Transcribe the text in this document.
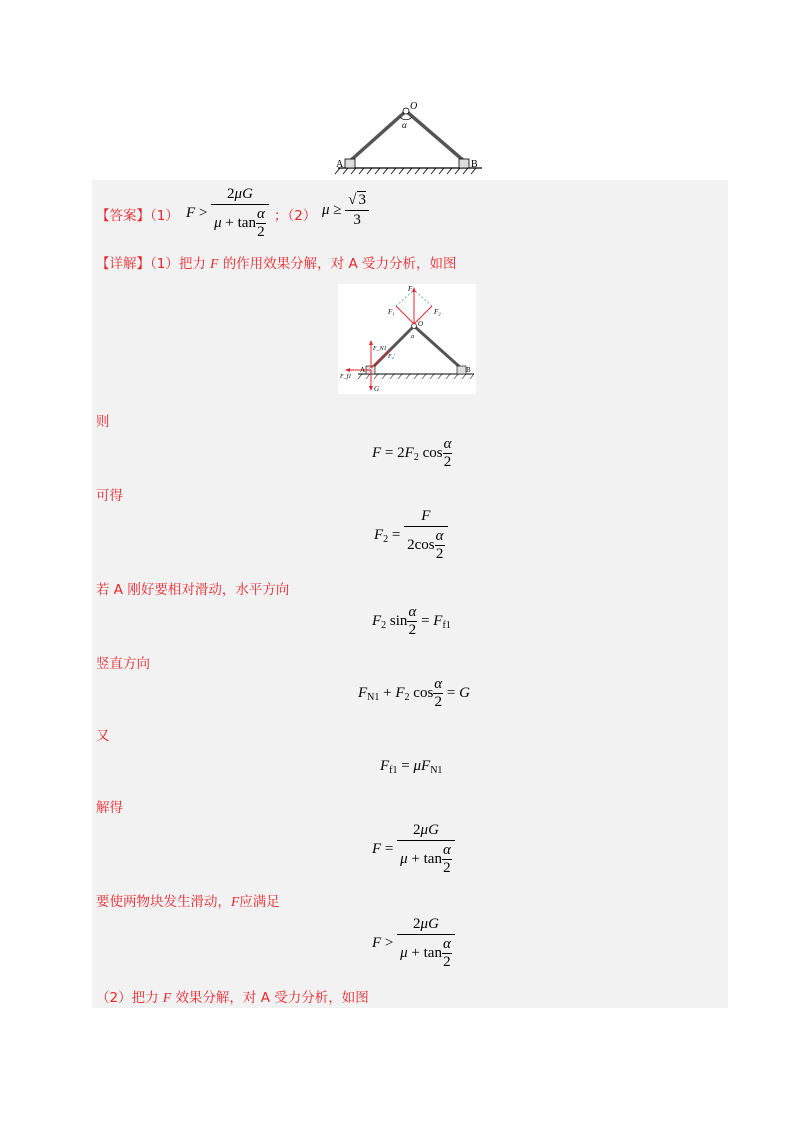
O
α
A	B
【答案】（1） $F > \frac{2\mu G}{\mu + \tan \frac{\alpha}{2}}$ ；（2） $\mu \ge \frac{√ 3}{3}$
【详解】（1）把力 F 的作用效果分解，对 A 受力分析，如图
F
F₁	F₂
O
α
F_N1
F₂'
F_f1
A	B
G
则
$F = 2F_2$ $\cos \frac{\alpha}{2}$
可得
$F_2 = \frac{F}{2\cos \frac{\alpha}{2}}$
若 A 刚好要相对滑动，水平方向
$F_2$ $\sin \frac{\alpha}{2} = F_{f1}$
竖直方向
$F_{N1} + F_2$ $\cos \frac{\alpha}{2} = G$
又
$F_{f1} = \mu F_{N1}$
解得
$F = \frac{2\mu G}{\mu + \tan \frac{\alpha}{2}}$
要使两物块发生滑动，F应满足
$F > \frac{2\mu G}{\mu + \tan \frac{\alpha}{2}}$
（2）把力 F 效果分解，对 A 受力分析，如图
